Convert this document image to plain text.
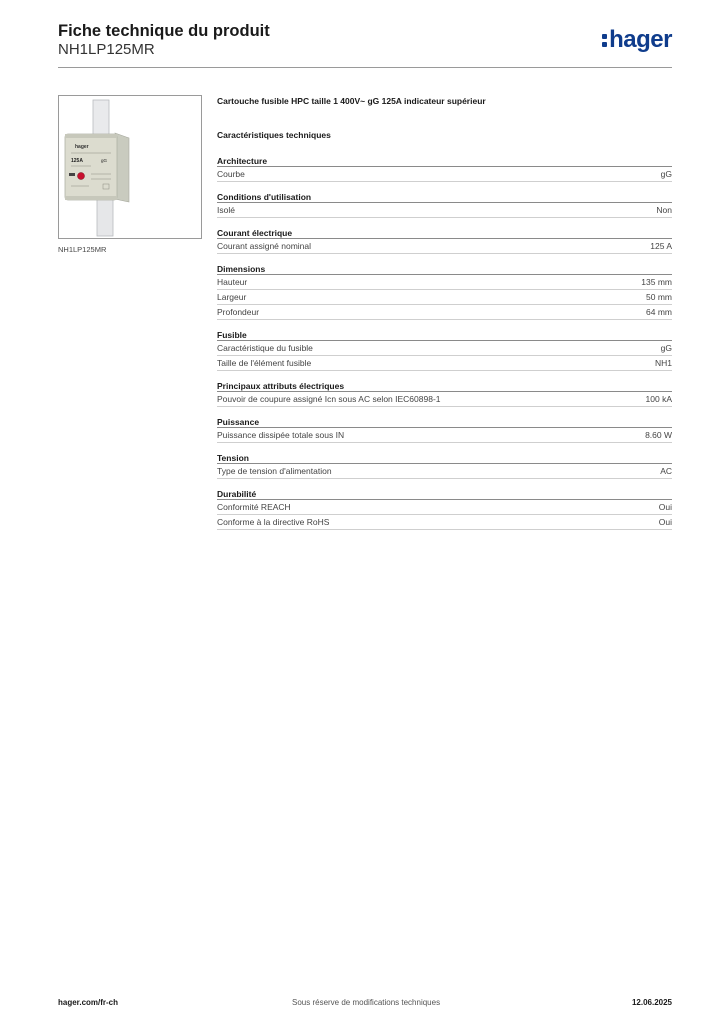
Fiche technique du produit
NH1LP125MR	hager
hager
125A	gG
NH1LP125MR
Cartouche fusible HPC taille 1 400V~ gG 125A indicateur supérieur
Caractéristiques techniques
Architecture
Courbe	gG
Conditions d'utilisation
Isolé	Non
Courant électrique
Courant assigné nominal	125 A
Dimensions
Hauteur	135 mm
Largeur	50 mm
Profondeur	64 mm
Fusible
Caractéristique du fusible	gG
Taille de l'élément fusible	NH1
Principaux attributs électriques
Pouvoir de coupure assigné Icn sous AC selon IEC60898-1	100 kA
Puissance
Puissance dissipée totale sous IN	8.60 W
Tension
Type de tension d'alimentation	AC
Durabilité
Conformité REACH	Oui
Conforme à la directive RoHS	Oui
hager.com/fr-ch	Sous réserve de modifications techniques	12.06.2025
